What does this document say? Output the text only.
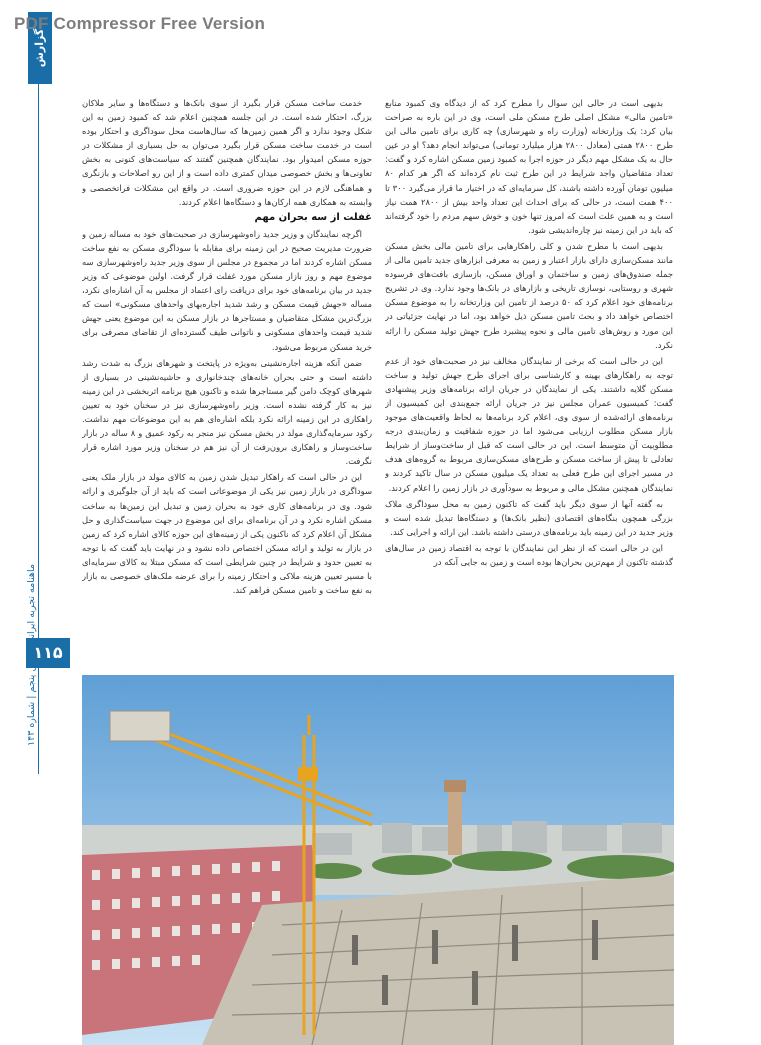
PDF Compressor Free Version
گزارش
ماهنامه تجربه ایرانی پنجم | شماره ۱۴۳
۱۱۵

بدیهی است در حالی این سوال را مطرح کرد که از دیدگاه وی کمبود منابع «تامین مالی» مشکل اصلی طرح مسکن ملی است، وی در این باره به صراحت بیان کرد: یک وزارتخانه (وزارت راه و شهرسازی) چه کاری برای تامین مالی این طرح ۲۸۰۰ همتی (معادل ۲۸۰۰ هزار میلیارد تومانی) می‌تواند انجام دهد؟ او در عین حال به یک مشکل مهم دیگر در حوزه اجرا به کمبود زمین مسکن اشاره کرد و گفت: تعداد متقاضیان واجد شرایط در این طرح ثبت نام کرده‌اند که اگر هر کدام ۸۰ میلیون تومان آورده داشته باشند، کل سرمایه‌ای که در اختیار ما قرار می‌گیرد ۳۰۰ تا ۴۰۰ همت است، در حالی که برای احداث این تعداد واحد بیش از ۲۸۰۰ همت نیاز است و به همین علت است که امروز تنها خون و خوش سهم مردم را خود گرفته‌اند که باید در این زمینه نیز چاره‌اندیشی شود.

بدیهی است با مطرح شدن و کلی راهکارهایی برای تامین مالی بخش مسکن مانند مسکن‌سازی دارای بازار اعتبار و زمین به معرفی ابزارهای جدید تامین مالی از جمله صندوق‌های زمین و ساختمان و اوراق مسکن، بازسازی بافت‌های فرسوده شهری و روستایی، نوسازی تاریخی و بازارهای در بانک‌ها وجود ندارد. وی در تشریح برنامه‌های خود اعلام کرد که ۵۰ درصد از تامین این وزارتخانه را به موضوع مسکن اختصاص خواهد داد و بحث تامین مسکن ذیل خواهد بود، اما در نهایت جزئیاتی در این مورد و روش‌های تامین مالی و نحوه پیشبرد طرح جهش تولید مسکن را ارائه نکرد.

این در حالی است که برخی از نمایندگان مخالف نیز در صحبت‌های خود از عدم توجه به راهکارهای بهینه و کارشناسی برای اجرای طرح جهش تولید و ساخت مسکن گلایه داشتند. یکی از نمایندگان در جریان ارائه برنامه‌های وزیر پیشنهادی گفت: کمیسیون عمران مجلس نیز در جریان ارائه جمع‌بندی این کمیسیون از برنامه‌های ارائه‌شده از سوی وی، اعلام کرد برنامه‌ها به لحاظ واقعیت‌های موجود بازار مسکن مطلوب ارزیابی می‌شود اما در حوزه شفافیت و زمان‌بندی درجه مطلوبیت آن متوسط است. این در حالی است که قبل از ساخت‌وساز از شرایط تعادلی تا پیش از ساخت مسکن و طرح‌های مسکن‌سازی مربوط به گروه‌های هدف در مسیر اجرای این طرح فعلی به تعداد یک میلیون مسکن در سال تاکید کردند و نمایندگان همچنین مشکل مالی و مربوط به سودآوری در بازار زمین را اعلام کردند.

به گفته آنها از سوی دیگر باید گفت که تاکنون زمین به محل سوداگری ملاک بزرگی همچون بنگاه‌های اقتصادی (نظیر بانک‌ها) و دستگاه‌ها تبدیل شده است و وزیر جدید در این زمینه باید برنامه‌های درستی داشته باشد. این ارائه و اجرایی کند.

این در حالی است که از نظر این نمایندگان با توجه به اقتصاد زمین در سال‌های گذشته تاکنون از مهم‌ترین بحران‌ها بوده است و زمین به جایی آنکه در

خدمت ساخت مسکن قرار بگیرد از سوی بانک‌ها و دستگاه‌ها و سایر ملاکان بزرگ، احتکار شده است. در این جلسه همچنین اعلام شد که کمبود زمین به این شکل وجود ندارد و اگر همین زمین‌ها که سال‌هاست محل سوداگری و احتکار بوده است در خدمت ساخت مسکن قرار بگیرد می‌توان به حل بسیاری از مشکلات در حوزه مسکن امیدوار بود. نمایندگان همچنین گفتند که سیاست‌های کنونی به بخش تعاونی‌ها و بخش خصوصی میدان کمتری داده است و از این رو اصلاحات و بازنگری و هماهنگی لازم در این حوزه ضروری است. در واقع این مشکلات فراتخصصی و وابسته به همکاری همه ارکان‌ها و دستگاه‌ها اعلام کردند.

غفلت از سه بحران مهم

اگرچه نمایندگان و وزیر جدید راه‌وشهرسازی در صحبت‌های خود به مساله زمین و ضرورت مدیریت صحیح در این زمینه برای مقابله با سوداگری مسکن به نفع ساخت مسکن اشاره کردند اما در مجموع در مجلس از سوی وزیر جدید راه‌وشهرسازی سه موضوع مهم و روز بازار مسکن مورد غفلت قرار گرفت. اولین موضوعی که وزیر جدید در بیان برنامه‌های خود برای دریافت رای اعتماد از مجلس به آن اشاره‌ای نکرد، مساله «جهش قیمت مسکن و رشد شدید اجاره‌بهای واحدهای مسکونی» است که بزرگ‌ترین مشکل متقاضیان و مستاجرها در بازار مسکن به این موضوع یعنی جهش شدید قیمت واحدهای مسکونی و ناتوانی طیف گسترده‌ای از تقاضای مصرفی برای خرید مسکن مربوط می‌شود.

ضمن آنکه هزینه اجاره‌نشینی به‌ویژه در پایتخت و شهرهای بزرگ به شدت رشد داشته است و حتی بحران خانه‌های چندخانواری و حاشیه‌نشینی در بسیاری از شهرهای کوچک دامن گیر مستاجرها شده و تاکنون هیچ برنامه اثربخشی در این زمینه نیز به کار گرفته نشده است. وزیر راه‌وشهرسازی نیز در سخنان خود به تعیین راهکاری در این زمینه ارائه نکرد بلکه اشاره‌ای هم به این موضوعات مهم نداشت. رکود سرمایه‌گذاری مولد در بخش مسکن نیز منجر به رکود عمیق و ۸ ساله در بازار ساخت‌وساز و راهکاری برون‌رفت از آن نیز هم در سخنان وزیر مورد اشاره قرار نگرفت.

این در حالی است که راهکار تبدیل شدن زمین به کالای مولد در بازار ملک یعنی سوداگری در بازار زمین نیز یکی از موضوعاتی است که باید از آن جلوگیری و ارائه شود. وی در برنامه‌های کاری خود به بحران زمین و تبدیل این زمین‌ها به ساخت مسکن اشاره نکرد و در آن برنامه‌ای برای این موضوع در جهت سیاست‌گذاری و حل مشکل آن اعلام کرد که ناکنون یکی از زمینه‌های این حوزه کالای اشاره کرد که زمین در بازار به تولید و ارائه مسکن اختصاص داده نشود و در نهایت باید گفت که با توجه به تعیین حدود و شرایط در چنین شرایطی است که مسکن مبتلا به کالای سرمایه‌ای با مسیر تعیین هزینه ملاکی و احتکار زمینه را برای عرضه ملک‌های خصوصی به بازار به نفع ساخت و تامین مسکن فراهم کند.
